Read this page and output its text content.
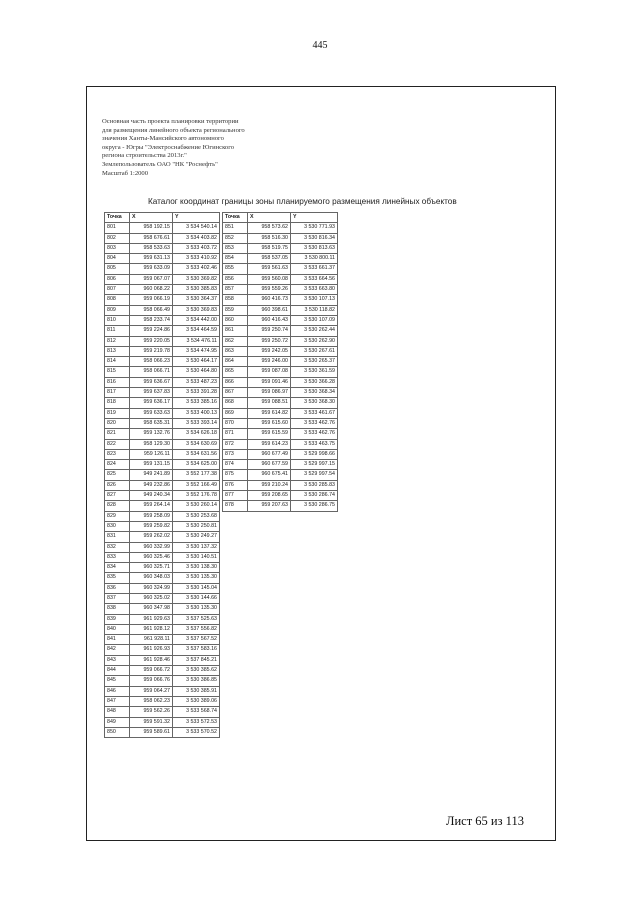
445
Основная часть проекта планировки территории
для размещения линейного объекта регионального
значения Ханты-Мансийского автономного
округа - Югры "Электроснабжение Югинского
региона строительства 2013г."
Землепользователь ОАО "НК "Роснефть"
Масштаб 1:2000
Каталог координат границы зоны планируемого размещения линейных объектов
Точка	X	Y
801	958 192.15	3 534 540.14
802	958 676.61	3 534 403.82
803	958 533.63	3 533 403.72
804	959 631.13	3 533 410.92
805	959 633.09	3 533 402.46
806	959 067.07	3 530 369.82
807	960 068.22	3 530 385.83
808	959 066.19	3 530 364.37
809	958 066.49	3 530 369.83
810	958 233.74	3 534 442.00
811	959 224.86	3 534 464.59
812	959 220.05	3 534 476.11
813	959 219.78	3 534 474.95
814	958 066.23	3 530 464.17
815	958 066.71	3 530 464.80
816	959 636.67	3 533 487.23
817	959 637.83	3 533 391.28
818	959 636.17	3 533 385.16
819	959 633.63	3 533 400.13
820	958 635.31	3 533 393.14
821	959 132.76	3 534 626.18
822	958 129.30	3 534 630.69
823	959 126.11	3 534 631.56
824	959 131.15	3 534 625.00
825	949 241.89	3 552 177.38
826	949 232.86	3 552 166.49
827	949 240.34	3 552 176.78
828	959 264.14	3 530 260.14
829	959 258.09	3 530 253.68
830	959 259.82	3 530 250.81
831	959 262.02	3 530 249.27
832	960 332.99	3 530 137.32
833	960 325.46	3 530 140.51
834	960 325.71	3 530 138.30
835	960 348.03	3 530 135.30
836	960 324.99	3 530 145.04
837	960 325.02	3 530 144.66
838	960 347.98	3 530 135.30
839	961 929.63	3 537 525.63
840	961 928.12	3 537 556.82
841	961 928.11	3 537 567.52
842	961 926.93	3 537 583.16
843	961 928.46	3 537 845.21
844	959 066.72	3 530 385.62
845	959 066.76	3 530 386.85
846	959 064.27	3 530 385.91
847	958 062.23	3 530 389.06
848	959 562.26	3 533 568.74
849	959 591.32	3 533 572.53
850	959 589.61	3 533 570.52
Точка	X	Y
851	958 573.62	3 530 771.93
852	958 516.30	3 530 816.34
853	958 519.75	3 530 813.63
854	958 537.05	3 530 800.11
855	959 561.63	3 533 661.37
856	959 560.08	3 533 664.56
857	959 559.26	3 533 663.80
858	960 416.73	3 530 107.13
859	960 398.61	3 530 118.82
860	960 416.43	3 530 107.09
861	959 250.74	3 530 262.44
862	959 250.72	3 530 262.90
863	959 242.05	3 530 267.61
864	959 246.00	3 530 265.37
865	959 087.08	3 530 361.59
866	959 091.46	3 530 366.28
867	959 086.97	3 530 368.34
868	959 088.51	3 530 368.30
869	959 614.82	3 533 461.67
870	959 615.60	3 533 462.76
871	959 615.59	3 533 462.76
872	959 614.23	3 533 463.75
873	960 677.49	3 529 998.66
874	960 677.59	3 529 997.15
875	960 675.41	3 529 997.54
876	959 210.24	3 530 285.83
877	959 208.65	3 530 286.74
878	959 207.63	3 530 286.75
Лист 65 из 113
